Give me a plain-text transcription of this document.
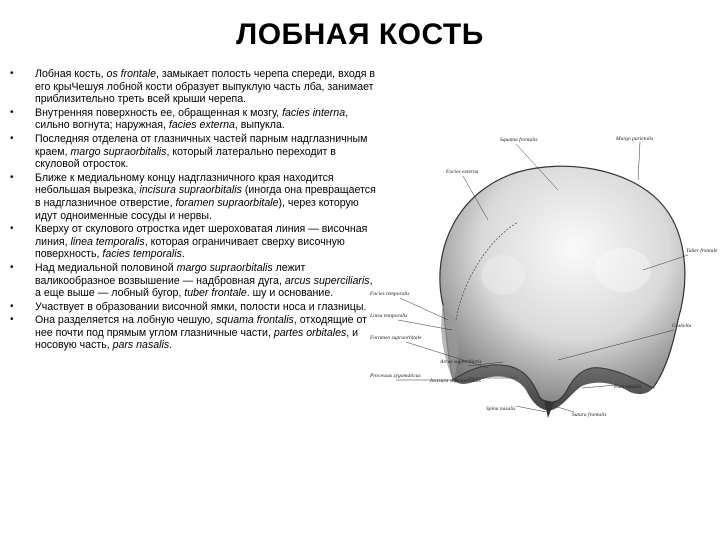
ЛОБНАЯ КОСТЬ
• Лобная кость, os frontale, замыкает полость черепа спереди, входя в его крыЧешуя лобной кости образует выпуклую часть лба, занимает приблизительно треть всей крыши черепа.
• Внутренняя поверхность ее, обращенная к мозгу, facies interna, сильно вогнута; наружная, facies externa, выпукла.
• Последняя отделена от глазничных частей парным надглазничным краем, margo supraorbitalis, который латерально переходит в скуловой отросток.
• Ближе к медиальному концу надглазничного края находится небольшая вырезка, incisura supraorbitalis (иногда она превращается в надглазничное отверстие, foramen supraorbitale), через которую идут одноименные сосуды и нервы.
• Кверху от скулового отростка идет шероховатая линия — височная линия, linea temporalis, которая ограничивает сверху височную поверхность, facies temporalis.
• Над медиальной половиной margo supraorbitalis лежит валикообразное возвышение — надбровная дуга, arcus superciliaris, а еще выше — лобный бугор, tuber frontale. шу и основание.
• Участвует в образовании височной ямки, полости носа и глазницы.
• Она разделяется на лобную чешую, squama frontalis, отходящие от нее почти под прямым углом глазничные части, partes orbitales, и носовую часть, pars nasalis.
Squama frontalis
Facies externa
Margo parietalis
Tuber frontale
Facies temporalis
Linea temporalis
Foramen supraorbitale
Glabella
Processus zygomaticus
Arcus superciliaris
Incisura supraorbitalis
Pars nasalis
Spina nasalis
Sutura frontalis
